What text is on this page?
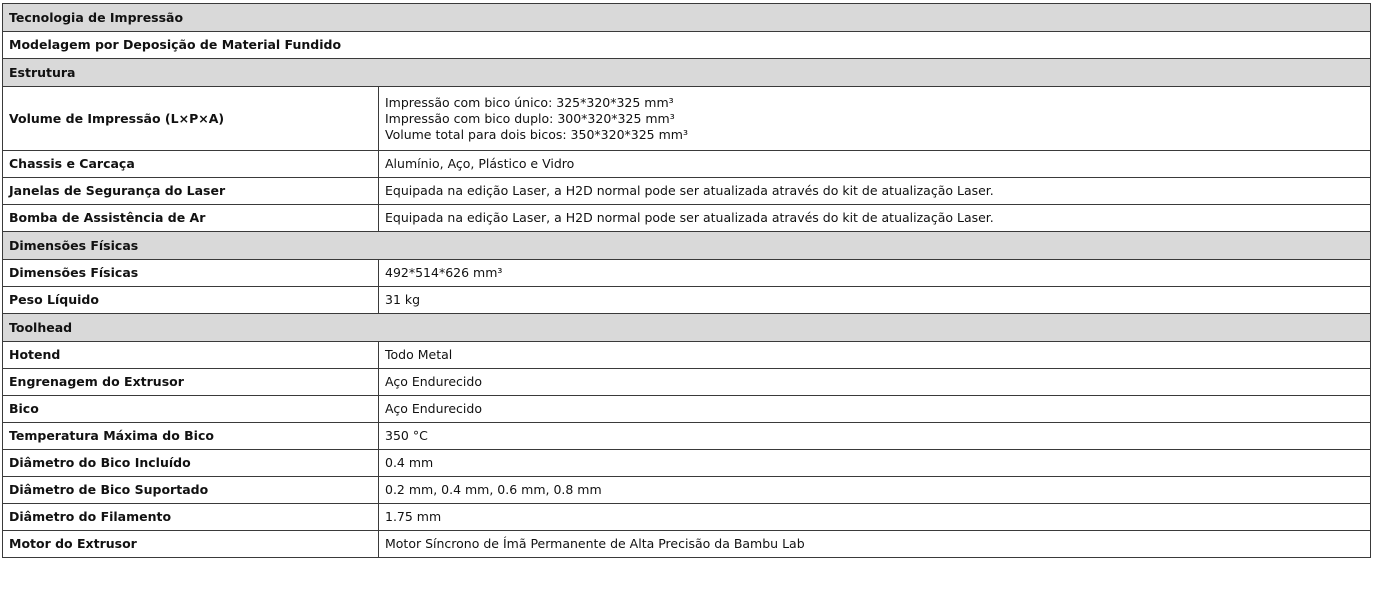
Tecnologia de Impressão	
Modelagem por Deposição de Material Fundido	
Estrutura	
Volume de Impressão (L×P×A)	Impressão com bico único: 325*320*325 mm³
Impressão com bico duplo: 300*320*325 mm³
Volume total para dois bicos: 350*320*325 mm³

Chassis e Carcaça	Alumínio, Aço, Plástico e Vidro
Janelas de Segurança do Laser	Equipada na edição Laser, a H2D normal pode ser atualizada através do kit de atualização Laser.
Bomba de Assistência de Ar	Equipada na edição Laser, a H2D normal pode ser atualizada através do kit de atualização Laser.
Dimensões Físicas	
Dimensões Físicas	492*514*626 mm³
Peso Líquido	31 kg
Toolhead	
Hotend	Todo Metal
Engrenagem do Extrusor	Aço Endurecido
Bico	Aço Endurecido
Temperatura Máxima do Bico	350 °C
Diâmetro do Bico Incluído	0.4 mm
Diâmetro de Bico Suportado	0.2 mm, 0.4 mm, 0.6 mm, 0.8 mm
Diâmetro do Filamento	1.75 mm
Motor do Extrusor	Motor Síncrono de Ímã Permanente de Alta Precisão da Bambu Lab
